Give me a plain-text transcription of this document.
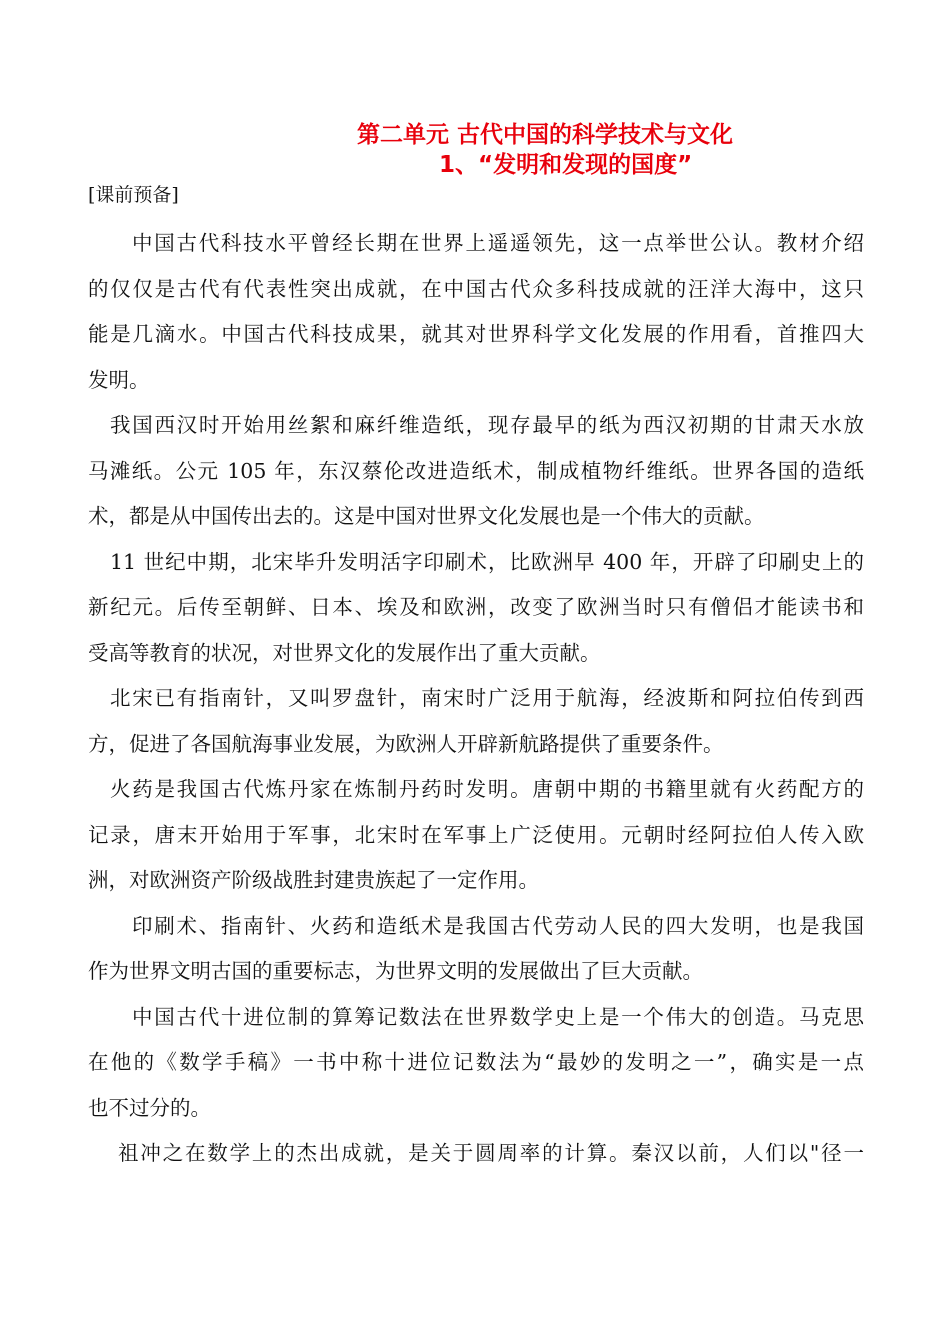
第二单元 古代中国的科学技术与文化
1、“发明和发现的国度”
[课前预备]

中国古代科技水平曾经长期在世界上遥遥领先，这一点举世公认。教材介绍
的仅仅是古代有代表性突出成就，在中国古代众多科技成就的汪洋大海中，这只
能是几滴水。中国古代科技成果，就其对世界科学文化发展的作用看，首推四大
发明。

我国西汉时开始用丝絮和麻纤维造纸，现存最早的纸为西汉初期的甘肃天水放
马滩纸。公元 105 年，东汉蔡伦改进造纸术，制成植物纤维纸。世界各国的造纸
术，都是从中国传出去的。这是中国对世界文化发展也是一个伟大的贡献。

11 世纪中期，北宋毕升发明活字印刷术，比欧洲早 400 年，开辟了印刷史上的
新纪元。后传至朝鲜、日本、埃及和欧洲，改变了欧洲当时只有僧侣才能读书和
受高等教育的状况，对世界文化的发展作出了重大贡献。

北宋已有指南针，又叫罗盘针，南宋时广泛用于航海，经波斯和阿拉伯传到西
方，促进了各国航海事业发展，为欧洲人开辟新航路提供了重要条件。

火药是我国古代炼丹家在炼制丹药时发明。唐朝中期的书籍里就有火药配方的
记录，唐末开始用于军事，北宋时在军事上广泛使用。元朝时经阿拉伯人传入欧
洲，对欧洲资产阶级战胜封建贵族起了一定作用。

印刷术、指南针、火药和造纸术是我国古代劳动人民的四大发明，也是我国
作为世界文明古国的重要标志，为世界文明的发展做出了巨大贡献。

中国古代十进位制的算筹记数法在世界数学史上是一个伟大的创造。马克思
在他的《数学手稿》一书中称十进位记数法为“最妙的发明之一”，确实是一点
也不过分的。

祖冲之在数学上的杰出成就，是关于圆周率的计算。秦汉以前，人们以"径一
